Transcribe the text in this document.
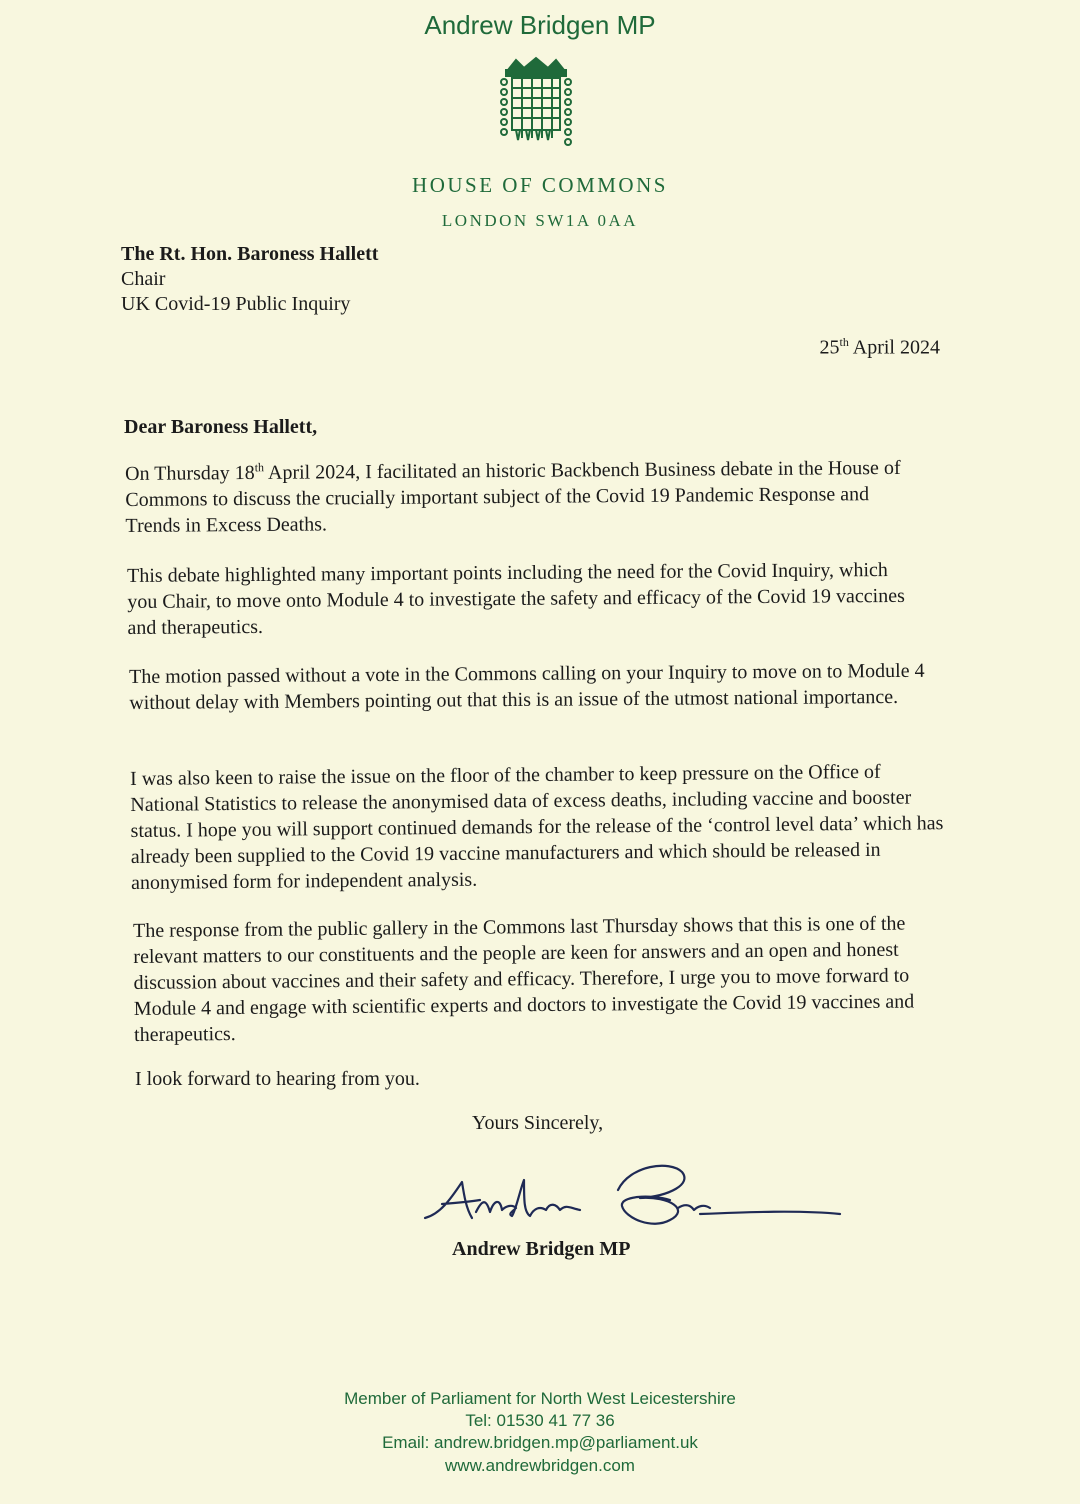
Andrew Bridgen MP
HOUSE OF COMMONS
LONDON SW1A 0AA
The Rt. Hon. Baroness Hallett
Chair
UK Covid-19 Public Inquiry
25th April 2024
Dear Baroness Hallett,
On Thursday 18th April 2024, I facilitated an historic Backbench Business debate in the House of Commons to discuss the crucially important subject of the Covid 19 Pandemic Response and Trends in Excess Deaths.
This debate highlighted many important points including the need for the Covid Inquiry, which you Chair, to move onto Module 4 to investigate the safety and efficacy of the Covid 19 vaccines and therapeutics.
The motion passed without a vote in the Commons calling on your Inquiry to move on to Module 4 without delay with Members pointing out that this is an issue of the utmost national importance.
I was also keen to raise the issue on the floor of the chamber to keep pressure on the Office of National Statistics to release the anonymised data of excess deaths, including vaccine and booster status. I hope you will support continued demands for the release of the ‘control level data’ which has already been supplied to the Covid 19 vaccine manufacturers and which should be released in anonymised form for independent analysis.
The response from the public gallery in the Commons last Thursday shows that this is one of the relevant matters to our constituents and the people are keen for answers and an open and honest discussion about vaccines and their safety and efficacy. Therefore, I urge you to move forward to Module 4 and engage with scientific experts and doctors to investigate the Covid 19 vaccines and therapeutics.
I look forward to hearing from you.
Yours Sincerely,
Andrew Bridgen MP
Member of Parliament for North West Leicestershire
Tel: 01530 41 77 36
Email: andrew.bridgen.mp@parliament.uk
www.andrewbridgen.com
